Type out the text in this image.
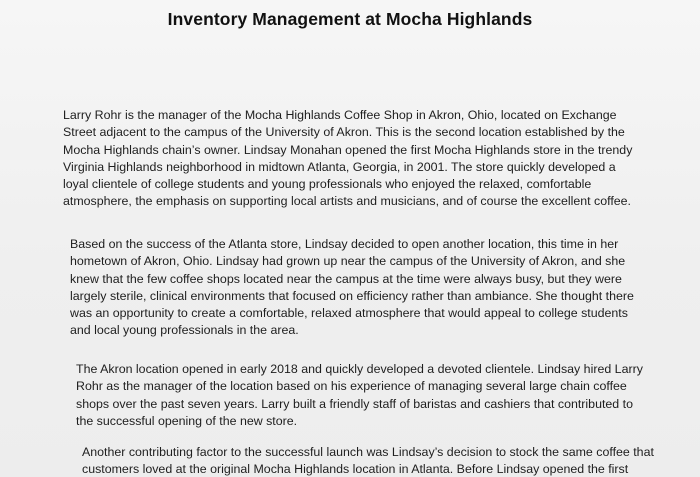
Inventory Management at Mocha Highlands

Larry Rohr is the manager of the Mocha Highlands Coffee Shop in Akron, Ohio, located on Exchange
Street adjacent to the campus of the University of Akron. This is the second location established by the
Mocha Highlands chain’s owner. Lindsay Monahan opened the first Mocha Highlands store in the trendy
Virginia Highlands neighborhood in midtown Atlanta, Georgia, in 2001. The store quickly developed a
loyal clientele of college students and young professionals who enjoyed the relaxed, comfortable
atmosphere, the emphasis on supporting local artists and musicians, and of course the excellent coffee.

Based on the success of the Atlanta store, Lindsay decided to open another location, this time in her
hometown of Akron, Ohio. Lindsay had grown up near the campus of the University of Akron, and she
knew that the few coffee shops located near the campus at the time were always busy, but they were
largely sterile, clinical environments that focused on efficiency rather than ambiance. She thought there
was an opportunity to create a comfortable, relaxed atmosphere that would appeal to college students
and local young professionals in the area.

The Akron location opened in early 2018 and quickly developed a devoted clientele. Lindsay hired Larry
Rohr as the manager of the location based on his experience of managing several large chain coffee
shops over the past seven years. Larry built a friendly staff of baristas and cashiers that contributed to
the successful opening of the new store.

Another contributing factor to the successful launch was Lindsay’s decision to stock the same coffee that
customers loved at the original Mocha Highlands location in Atlanta. Before Lindsay opened the first
